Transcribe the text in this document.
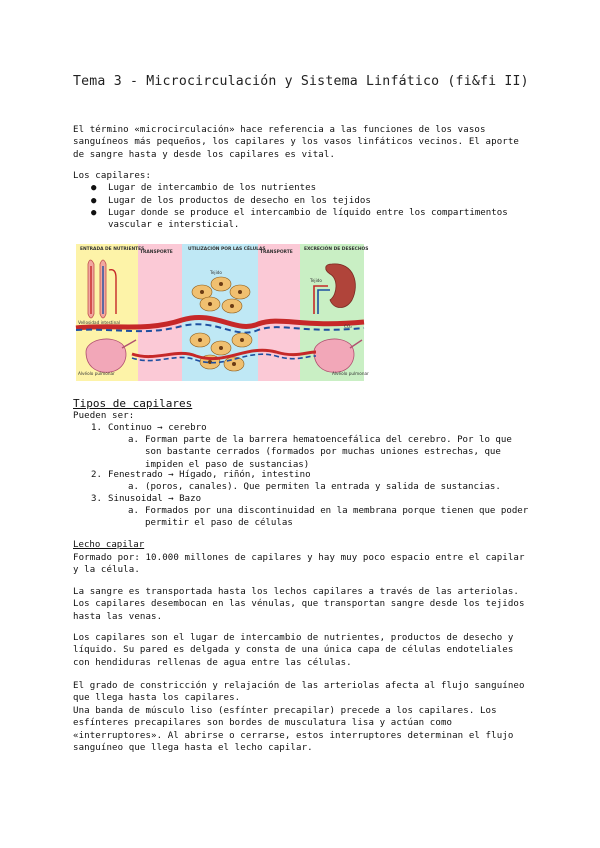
Tema 3 - Microcirculación y Sistema Linfático (fi&fi II)
El término «microcirculación» hace referencia a las funciones de los vasos sanguíneos más pequeños, los capilares y los vasos linfáticos vecinos. El aporte de sangre hasta y desde los capilares es vital.
Los capilares:
● Lugar de intercambio de los nutrientes
● Lugar de los productos de desecho en los tejidos
● Lugar donde se produce el intercambio de líquido entre los compartimentos vascular e intersticial.
ENTRADA DE NUTRIENTES
TRANSPORTE
UTILIZACIÓN POR LAS CÉLULAS
TRANSPORTE
EXCRECIÓN DE DESECHOS
Vellosidad intestinal
Tejido
Tejido
CO₂
Alvéolo pulmonar	Alvéolo pulmonar
Tipos de capilares
Pueden ser:
1. Continuo → cerebro
a. Forman parte de la barrera hematoencefálica del cerebro. Por lo que son bastante cerrados (formados por muchas uniones estrechas, que impiden el paso de sustancias)
2. Fenestrado → Hígado, riñón, intestino
a. (poros, canales). Que permiten la entrada y salida de sustancias.
3. Sinusoidal → Bazo
a. Formados por una discontinuidad en la membrana porque tienen que poder permitir el paso de células
Lecho capilar
Formado por: 10.000 millones de capilares y hay muy poco espacio entre el capilar y la célula.
La sangre es transportada hasta los lechos capilares a través de las arteriolas. Los capilares desembocan en las vénulas, que transportan sangre desde los tejidos hasta las venas.
Los capilares son el lugar de intercambio de nutrientes, productos de desecho y líquido. Su pared es delgada y consta de una única capa de células endoteliales con hendiduras rellenas de agua entre las células.
El grado de constricción y relajación de las arteriolas afecta al flujo sanguíneo que llega hasta los capilares.
Una banda de músculo liso (esfínter precapilar) precede a los capilares. Los esfínteres precapilares son bordes de musculatura lisa y actúan como «interruptores». Al abrirse o cerrarse, estos interruptores determinan el flujo sanguíneo que llega hasta el lecho capilar.
